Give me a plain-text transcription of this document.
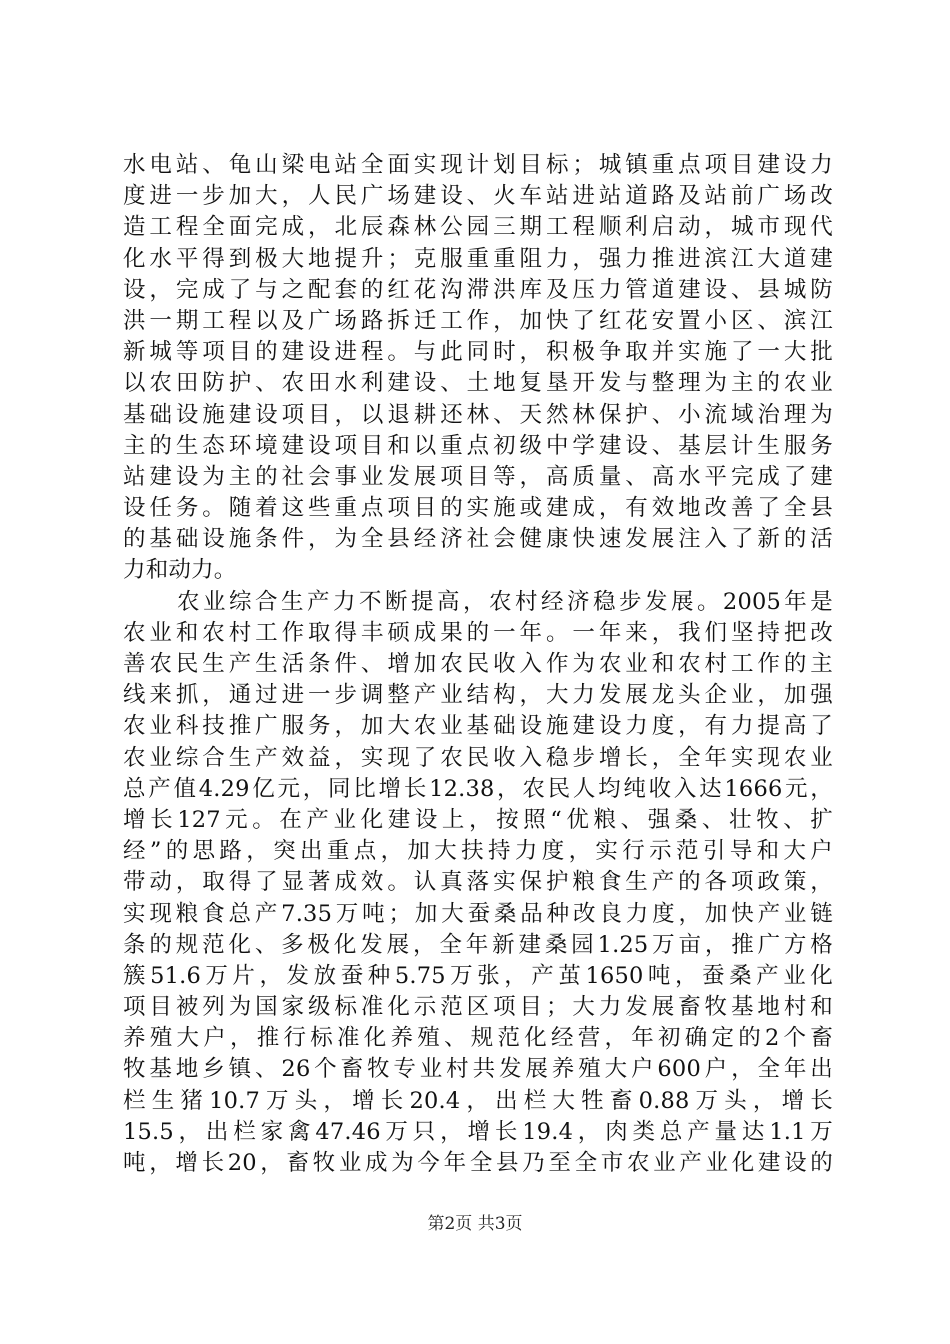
水电站、龟山梁电站全面实现计划目标；城镇重点项目建设力
度进一步加大，人民广场建设、火车站进站道路及站前广场改
造工程全面完成，北辰森林公园三期工程顺利启动，城市现代
化水平得到极大地提升；克服重重阻力，强力推进滨江大道建
设，完成了与之配套的红花沟滞洪库及压力管道建设、县城防
洪一期工程以及广场路拆迁工作，加快了红花安置小区、滨江
新城等项目的建设进程。与此同时，积极争取并实施了一大批
以农田防护、农田水利建设、土地复垦开发与整理为主的农业
基础设施建设项目，以退耕还林、天然林保护、小流域治理为
主的生态环境建设项目和以重点初级中学建设、基层计生服务
站建设为主的社会事业发展项目等，高质量、高水平完成了建
设任务。随着这些重点项目的实施或建成，有效地改善了全县
的基础设施条件，为全县经济社会健康快速发展注入了新的活
力和动力。
农业综合生产力不断提高，农村经济稳步发展。2005年是
农业和农村工作取得丰硕成果的一年。一年来，我们坚持把改
善农民生产生活条件、增加农民收入作为农业和农村工作的主
线来抓，通过进一步调整产业结构，大力发展龙头企业，加强
农业科技推广服务，加大农业基础设施建设力度，有力提高了
农业综合生产效益，实现了农民收入稳步增长，全年实现农业
总产值4.29亿元，同比增长12.38，农民人均纯收入达1666元，
增长127元。在产业化建设上，按照“优粮、强桑、壮牧、扩
经”的思路，突出重点，加大扶持力度，实行示范引导和大户
带动，取得了显著成效。认真落实保护粮食生产的各项政策，
实现粮食总产7.35万吨；加大蚕桑品种改良力度，加快产业链
条的规范化、多极化发展，全年新建桑园1.25万亩，推广方格
簇51.6万片，发放蚕种5.75万张，产茧1650吨，蚕桑产业化
项目被列为国家级标准化示范区项目；大力发展畜牧基地村和
养殖大户，推行标准化养殖、规范化经营，年初确定的2个畜
牧基地乡镇、26个畜牧专业村共发展养殖大户600户，全年出
栏生猪10.7万头，增长20.4，出栏大牲畜0.88万头，增长
15.5，出栏家禽47.46万只，增长19.4，肉类总产量达1.1万
吨，增长20，畜牧业成为今年全县乃至全市农业产业化建设的
第2页 共3页
